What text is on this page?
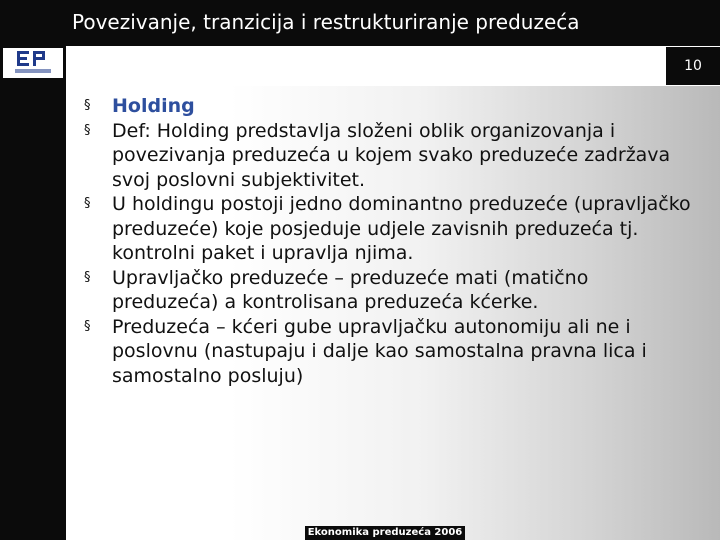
Povezivanje, tranzicija i restrukturiranje preduzeća
10
§	Holding
§	Def: Holding predstavlja složeni oblik organizovanja i povezivanja preduzeća u kojem svako preduzeće zadržava svoj poslovni subjektivitet.
§	U holdingu postoji jedno dominantno preduzeće (upravljačko preduzeće) koje posjeduje udjele zavisnih preduzeća tj. kontrolni paket i upravlja njima.
§	Upravljačko preduzeće – preduzeće mati (matično preduzeća) a kontrolisana preduzeća kćerke.
§	Preduzeća – kćeri gube upravljačku autonomiju ali ne i poslovnu (nastupaju i dalje kao samostalna pravna lica i samostalno posluju)
Ekonomika preduzeća 2006
